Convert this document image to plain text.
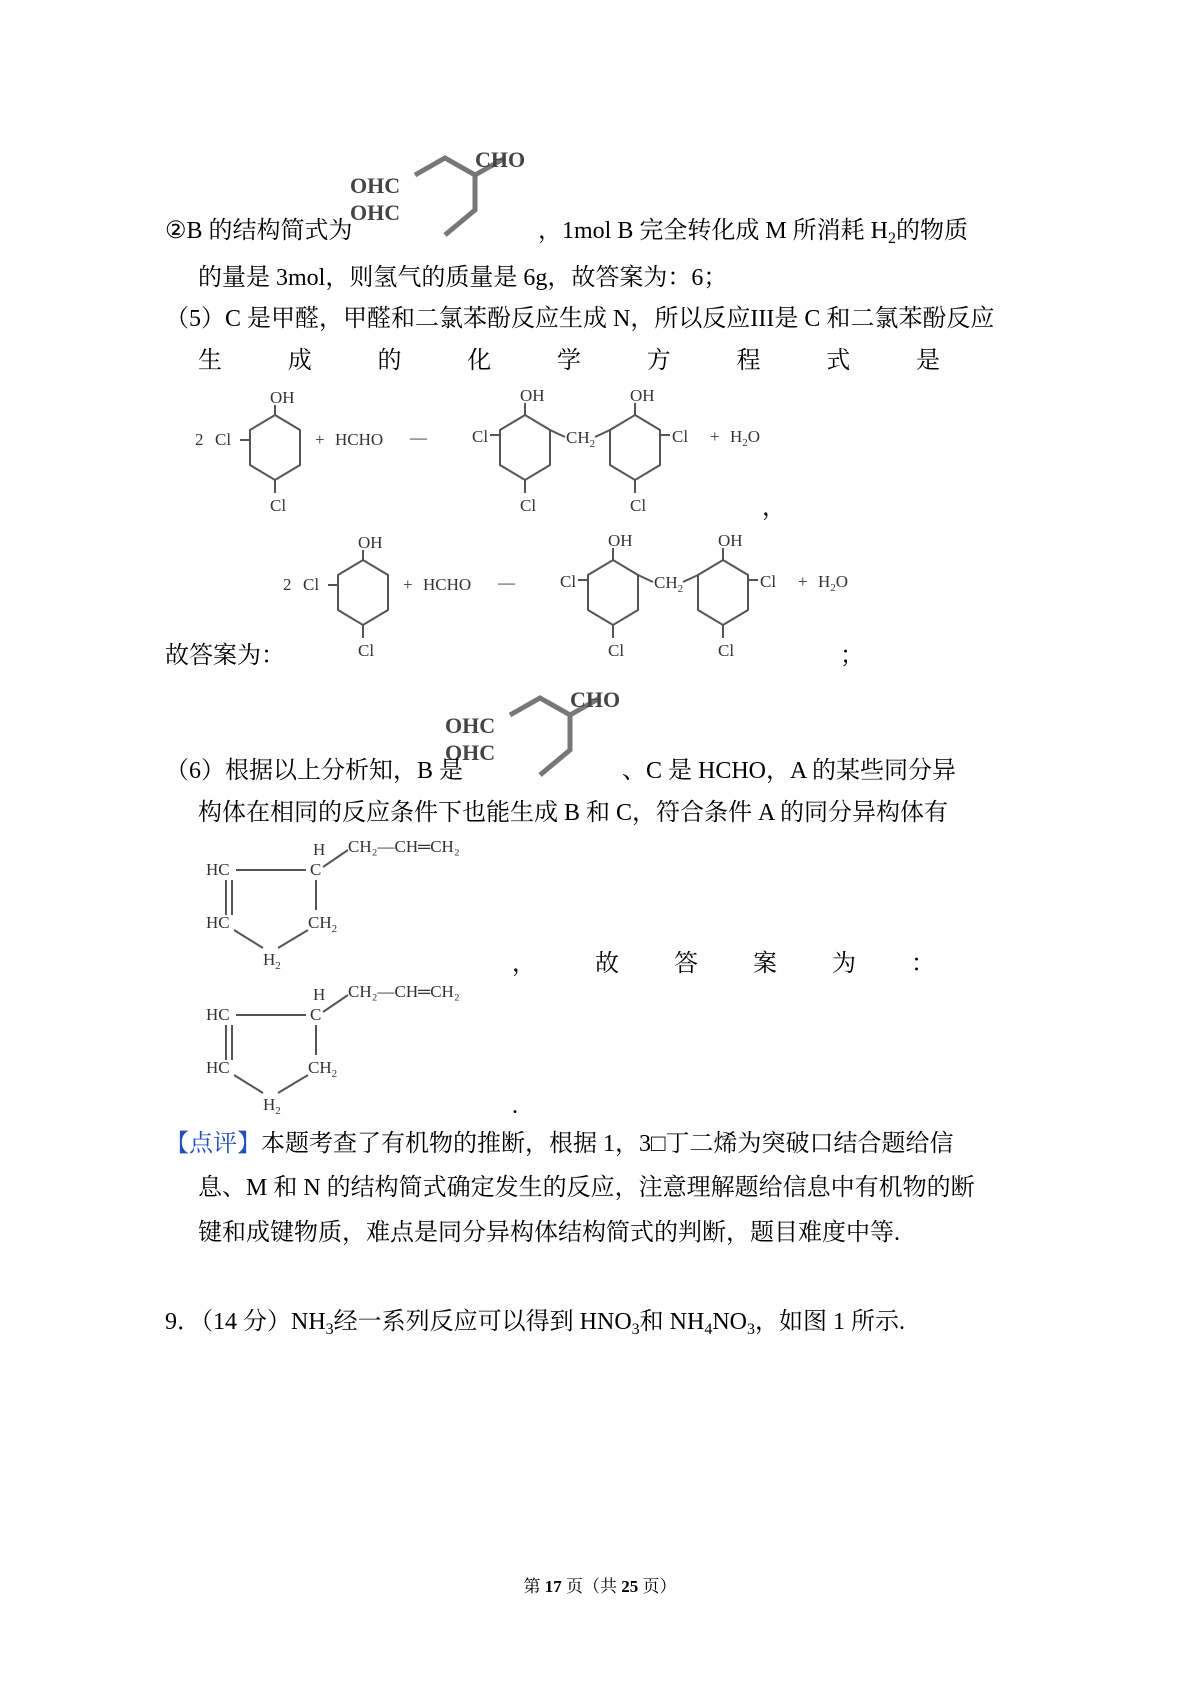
②B 的结构简式为
CHO
OHC
OHC
，1mol B 完全转化成 M 所消耗 $H_2$的物质
的量是 3mol，则氢气的质量是 6g，故答案为：6；
（5）C 是甲醛，甲醛和二氯苯酚反应生成 N，所以反应III是 C 和二氯苯酚反应
生	成	的	化	学	方	程	式	是
2 Cl
OH
Cl
+ HCHO —	Cl
OH
Cl
$CH_2$
OH
Cl
Cl
+ $H_2O$
，
2 Cl
OH
Cl
+ HCHO —	Cl
OH
Cl
$CH_2$
OH
Cl
Cl
+ $H_2O$
故答案为：	；
CHO
OHC
OHC
（6）根据以上分析知，B 是	、C 是 HCHO，A 的某些同分异
构体在相同的反应条件下也能生成 B 和 C，符合条件 A 的同分异构体有
H CH₂—CH═CH₂
C
HC
HC	$CH_2$
$H_2$	， 故 答 案 为 ：
H CH₂—CH═CH₂
C
HC
HC	$CH_2$
$H_2$	.
【点评】本题考查了有机物的推断，根据 1，3□丁二烯为突破口结合题给信
息、M 和 N 的结构简式确定发生的反应，注意理解题给信息中有机物的断
键和成键物质，难点是同分异构体结构简式的判断，题目难度中等.
9．（14 分）$NH_3$经一系列反应可以得到 $HNO_3$和 $NH_4NO_3$，如图 1 所示.
第 17 页（共 25 页）
